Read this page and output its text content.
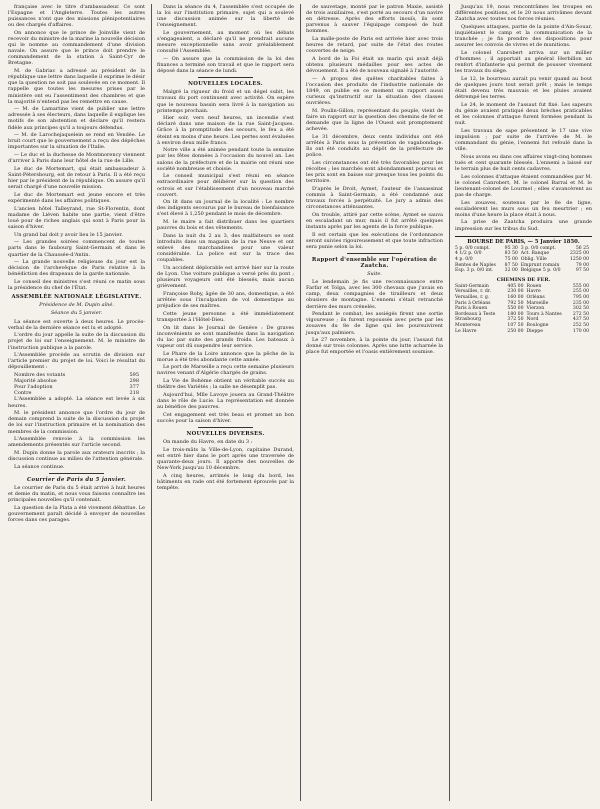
française avec le titre d'ambassadeur. Ce sont l'Espagne et l'Angleterre. Toutes les autres puissances n'ont que des missions plénipotentiaires ou des chargés d'affaires.

On annonce que le prince de Joinville vient de recevoir du ministre de la marine la nouvelle décision qui le nomme au commandement d'une division navale. On assure que le prince doit prendre le commandement de la station à Saint-Cyr de Bretagne.

M. de Gabriac a adressé au président de la république une lettre dans laquelle il exprime le désir que la question ne soit pas soulevée en ce moment. Il rappelle que toutes les mesures prises par le ministère ont eu l'assentiment des chambres et que la majorité n'entend pas les remettre en cause.

— M. de Lamartine vient de publier une lettre adressée à ses électeurs, dans laquelle il explique les motifs de son abstention et déclare qu'il restera fidèle aux principes qu'il a toujours défendus.

— M. de Larochejaquelein se rend en Vendée. Le bruit court que le gouvernement a reçu des dépêches importantes sur la situation de l'Italie.

— Le duc et la duchesse de Montmorency viennent d'arriver à Paris dans leur hôtel de la rue de Lille.

Le duc de Mortemart, qui était ambassadeur à Saint-Pétersbourg, est de retour à Paris. Il a été reçu hier par le président de la république. On assure qu'il serait chargé d'une nouvelle mission.

Le duc de Mortemart est jeune encore et très expérimenté dans les affaires politiques.

L'ancien hôtel Talleyrand, rue St-Florentin, dont madame de Liéven habite une partie, vient d'être loué pour de riches anglais qui sont à Paris pour la saison d'hiver.

Un grand bal doit y avoir lieu le 15 janvier.

— Les grandes soirées commencent de toutes parts dans le faubourg Saint-Germain et dans le quartier de la Chaussée-d'Antin.

— La grande nouvelle religieuse du jour est la décision de l'archevêque de Paris relative à la bénédiction des drapeaux de la garde nationale.

Le conseil des ministres s'est réuni ce matin sous la présidence du chef de l'État.

ASSEMBLÉE NATIONALE LÉGISLATIVE.
Présidence de M. Dupin aîné.
Séance du 5 janvier.

La séance est ouverte à deux heures. Le procès-verbal de la dernière séance est lu et adopté.

L'ordre du jour appelle la suite de la discussion du projet de loi sur l'enseignement. M. le ministre de l'instruction publique a la parole.

L'Assemblée procède au scrutin de division sur l'article premier du projet de loi. Voici le résultat du dépouillement :

Nombre des votants	595
Majorité absolue	298
Pour l'adoption	377
Contre	218

L'Assemblée a adopté. La séance est levée à six heures.

M. le président annonce que l'ordre du jour de demain comprend la suite de la discussion du projet de loi sur l'instruction primaire et la nomination des membres de la commission.

L'Assemblée renvoie à la commission les amendements présentés sur l'article second.

M. Dupin donne la parole aux orateurs inscrits ; la discussion continue au milieu de l'attention générale.

La séance continue.

Courrier de Paris du 5 janvier.

Le courrier de Paris du 5 était arrivé à huit heures et demie du matin, et nous vous faisons connaître les principales nouvelles qu'il contenait.

La question de la Plata a été vivement débattue. Le gouvernement paraît décidé à envoyer de nouvelles forces dans ces parages.

Dans la séance du 4, l'assemblée s'est occupée de la loi sur l'institution primaire, sujet qui a soulevé une discussion animée sur la liberté de l'enseignement.

Le gouvernement, au moment où les débats s'engageaient, a déclaré qu'il ne prendrait aucune mesure exceptionnelle sans avoir préalablement consulté l'Assemblée.

— On assure que la commission de la loi des finances a terminé son travail et que le rapport sera déposé dans la séance de lundi.

NOUVELLES LOCALES.

Malgré la rigueur du froid et un dégel subit, les travaux du port continuent avec activité. On espère que le nouveau bassin sera livré à la navigation au printemps prochain.

Hier soir, vers neuf heures, un incendie s'est déclaré dans une maison de la rue Saint-Jacques. Grâce à la promptitude des secours, le feu a été éteint en moins d'une heure. Les pertes sont évaluées à environ deux mille francs.

Notre ville a été animée pendant toute la semaine par les fêtes données à l'occasion du nouvel an. Les salons de la préfecture et de la mairie ont réuni une société nombreuse et choisie.

Le conseil municipal s'est réuni en séance extraordinaire pour délibérer sur la question des octrois et sur l'établissement d'un nouveau marché couvert.

On lit dans un journal de la localité : Le nombre des indigents secourus par le bureau de bienfaisance s'est élevé à 1,250 pendant le mois de décembre.

M. le maire a fait distribuer dans les quartiers pauvres du bois et des vêtements.

Dans la nuit du 2 au 3, des malfaiteurs se sont introduits dans un magasin de la rue Neuve et ont enlevé des marchandises pour une valeur considérable. La police est sur la trace des coupables.

Un accident déplorable est arrivé hier sur la route de Lyon. Une voiture publique a versé près du pont ; plusieurs voyageurs ont été blessés, mais aucun grièvement.

Françoise Roby, âgée de 30 ans, domestique, a été arrêtée sous l'inculpation de vol domestique au préjudice de ses maîtres.

Cette jeune personne a été immédiatement transportée à l'Hôtel-Dieu.

On lit dans le Journal de Genève : De graves inconvénients se sont manifestés dans la navigation du lac par suite des grands froids. Les bateaux à vapeur ont dû suspendre leur service.

Le Phare de la Loire annonce que la pêche de la morue a été très abondante cette année.

Le port de Marseille a reçu cette semaine plusieurs navires venant d'Algérie chargés de grains.

La Vie de Bohème obtient un véritable succès au théâtre des Variétés ; la salle ne désemplit pas.

Aujourd'hui, Mlle Lavoye jouera au Grand-Théâtre dans le rôle de Lucie. La représentation est donnée au bénéfice des pauvres.

Cet engagement est très beau et promet un bon succès pour la saison d'hiver.

NOUVELLES DIVERSES.

On mande du Havre, en date du 3 :

Le trois-mâts la Ville-de-Lyon, capitaine Durand, est entré hier dans le port après une traversée de quarante-deux jours. Il apporte des nouvelles de New-York jusqu'au 10 décembre.

A cinq heures, arrimés le long du bord, les bâtiments en rade ont été fortement éprouvés par la tempête.

de sauvetage, monté par le patron Maxie, assisté de trois auxiliaires, s'est porté au secours d'un navire en détresse. Après des efforts inouïs, ils sont parvenus à sauver l'équipage composé de huit hommes.

La malle-poste de Paris est arrivée hier avec trois heures de retard, par suite de l'état des routes couvertes de neige.

A bord de la Foi était un marin qui avait déjà obtenu plusieurs médailles pour ses actes de dévouement. Il a été de nouveau signalé à l'autorité.

— A propos des quêtes charitables faites à l'occasion des produits de l'industrie nationale de 1849, on publie en ce moment un rapport aussi curieux qu'instructif sur la situation des classes ouvrières.

M. Poulin-Gillon, représentant du peuple, vient de faire un rapport sur la question des chemins de fer et demande que la ligne de l'Ouest soit promptement achevée.

Le 31 décembre, deux cents individus ont été arrêtés à Paris sous la prévention de vagabondage. Ils ont été conduits au dépôt de la préfecture de police.

Les circonstances ont été très favorables pour les récoltes ; les marchés sont abondamment pourvus et les prix sont en baisse sur presque tous les points du territoire.

D'après le Droit, Aymet, l'auteur de l'assassinat commis à Saint-Germain, a été condamné aux travaux forcés à perpétuité. Le jury a admis des circonstances atténuantes.

On trouble, attiré par cette scène, Aymet se sauva en escaladant un mur, mais il fut arrêté quelques instants après par les agents de la force publique.

Il est certain que les exécutions de l'ordonnance seront suivies rigoureusement et que toute infraction sera punie selon la loi.

Rapport d'ensemble sur l'opération de Zaatcha.
Suite.

Le lendemain je fis une reconnaissance entre Farfar et Tolga, avec les 300 chevaux que j'avais en camp, deux compagnies de tirailleurs et deux obusiers de montagne. L'ennemi s'était retranché derrière des murs crénelés.

Pendant le combat, les assiégés firent une sortie vigoureuse ; ils furent repoussés avec perte par les zouaves du 8e de ligne qui les poursuivirent jusqu'aux palmiers.

Le 27 novembre, à la pointe du jour, l'assaut fut donné sur trois colonnes. Après une lutte acharnée la place fut emportée et l'oasis entièrement soumise.

Jusqu'au 19, nous rencontrâmes les troupes en différentes positions, et le 20 nous arrivâmes devant Zaatcha avec toutes nos forces réunies.

Quelques attaques, partie de la pointe d'Ain-Souar, inquiétaient le camp et la communication de la tranchée ; je fis prendre des dispositions pour assurer les convois de vivres et de munitions.

Le colonel Canrobert arriva sur un millier d'hommes ; il apportait au général Herbillon un renfort d'infanterie qui permit de pousser vivement les travaux du siège.

Le 12, le bourreau aurait pu venir quand au bout de quelques jours tout serait prêt ; mais le temps était devenu très mauvais et les pluies avaient détrempé les terres.

Le 24, le moment de l'assaut fut fixé. Les sapeurs du génie avaient pratiqué deux brèches praticables et les colonnes d'attaque furent formées pendant la nuit.

Les travaux de sape présentent le 17 une vive impulsion ; par suite de l'arrivée de M. le commandant du génie, l'ennemi fut refoulé dans la ville.

Nous avons eu dans ces affaires vingt-cinq hommes tués et cent quarante blessés. L'ennemi a laissé sur le terrain plus de huit cents cadavres.

Les colonnes d'attaque étaient commandées par M. le colonel Canrobert, M. le colonel Barral et M. le lieutenant-colonel de Lourmel ; elles s'avancèrent au pas de charge.

Les zouaves, soutenus par le 8e de ligne, escaladèrent les murs sous un feu meurtrier ; en moins d'une heure la place était à nous.

La prise de Zaatcha produira une grande impression sur les tribus du Sud.

BOURSE DE PARIS, — 5 Janvier 1850.
5 p. 0/0 compt.	95 30	3 p. 0/0 compt.	56 25
4 1/2 p. 0/0	83 50	Act. Banque	2325 00
4 p. 0/0	75 00	Oblig. Ville	1250 00
Rentes de Naples	87 50	Emprunt romain	79 00
Esp. 3 p. 0/0 int.	32 00	Belgique 5 p. 0/0	97 50
CHEMINS DE FER.
Saint-Germain	405 00	Rouen	555 00
Versailles, r. dr.	230 00	Havre	255 00
Versailles, r. g.	160 00	Orléans	795 00
Paris à Orléans	792 50	Marseille	235 00
Paris à Rouen	550 00	Vierzon	302 50
Bordeaux à Teste	180 00	Tours à Nantes	272 50
Strasbourg	372 50	Nord	437 50
Montereau	107 50	Boulogne	252 50
Le Havre	250 00	Dieppe	170 00
